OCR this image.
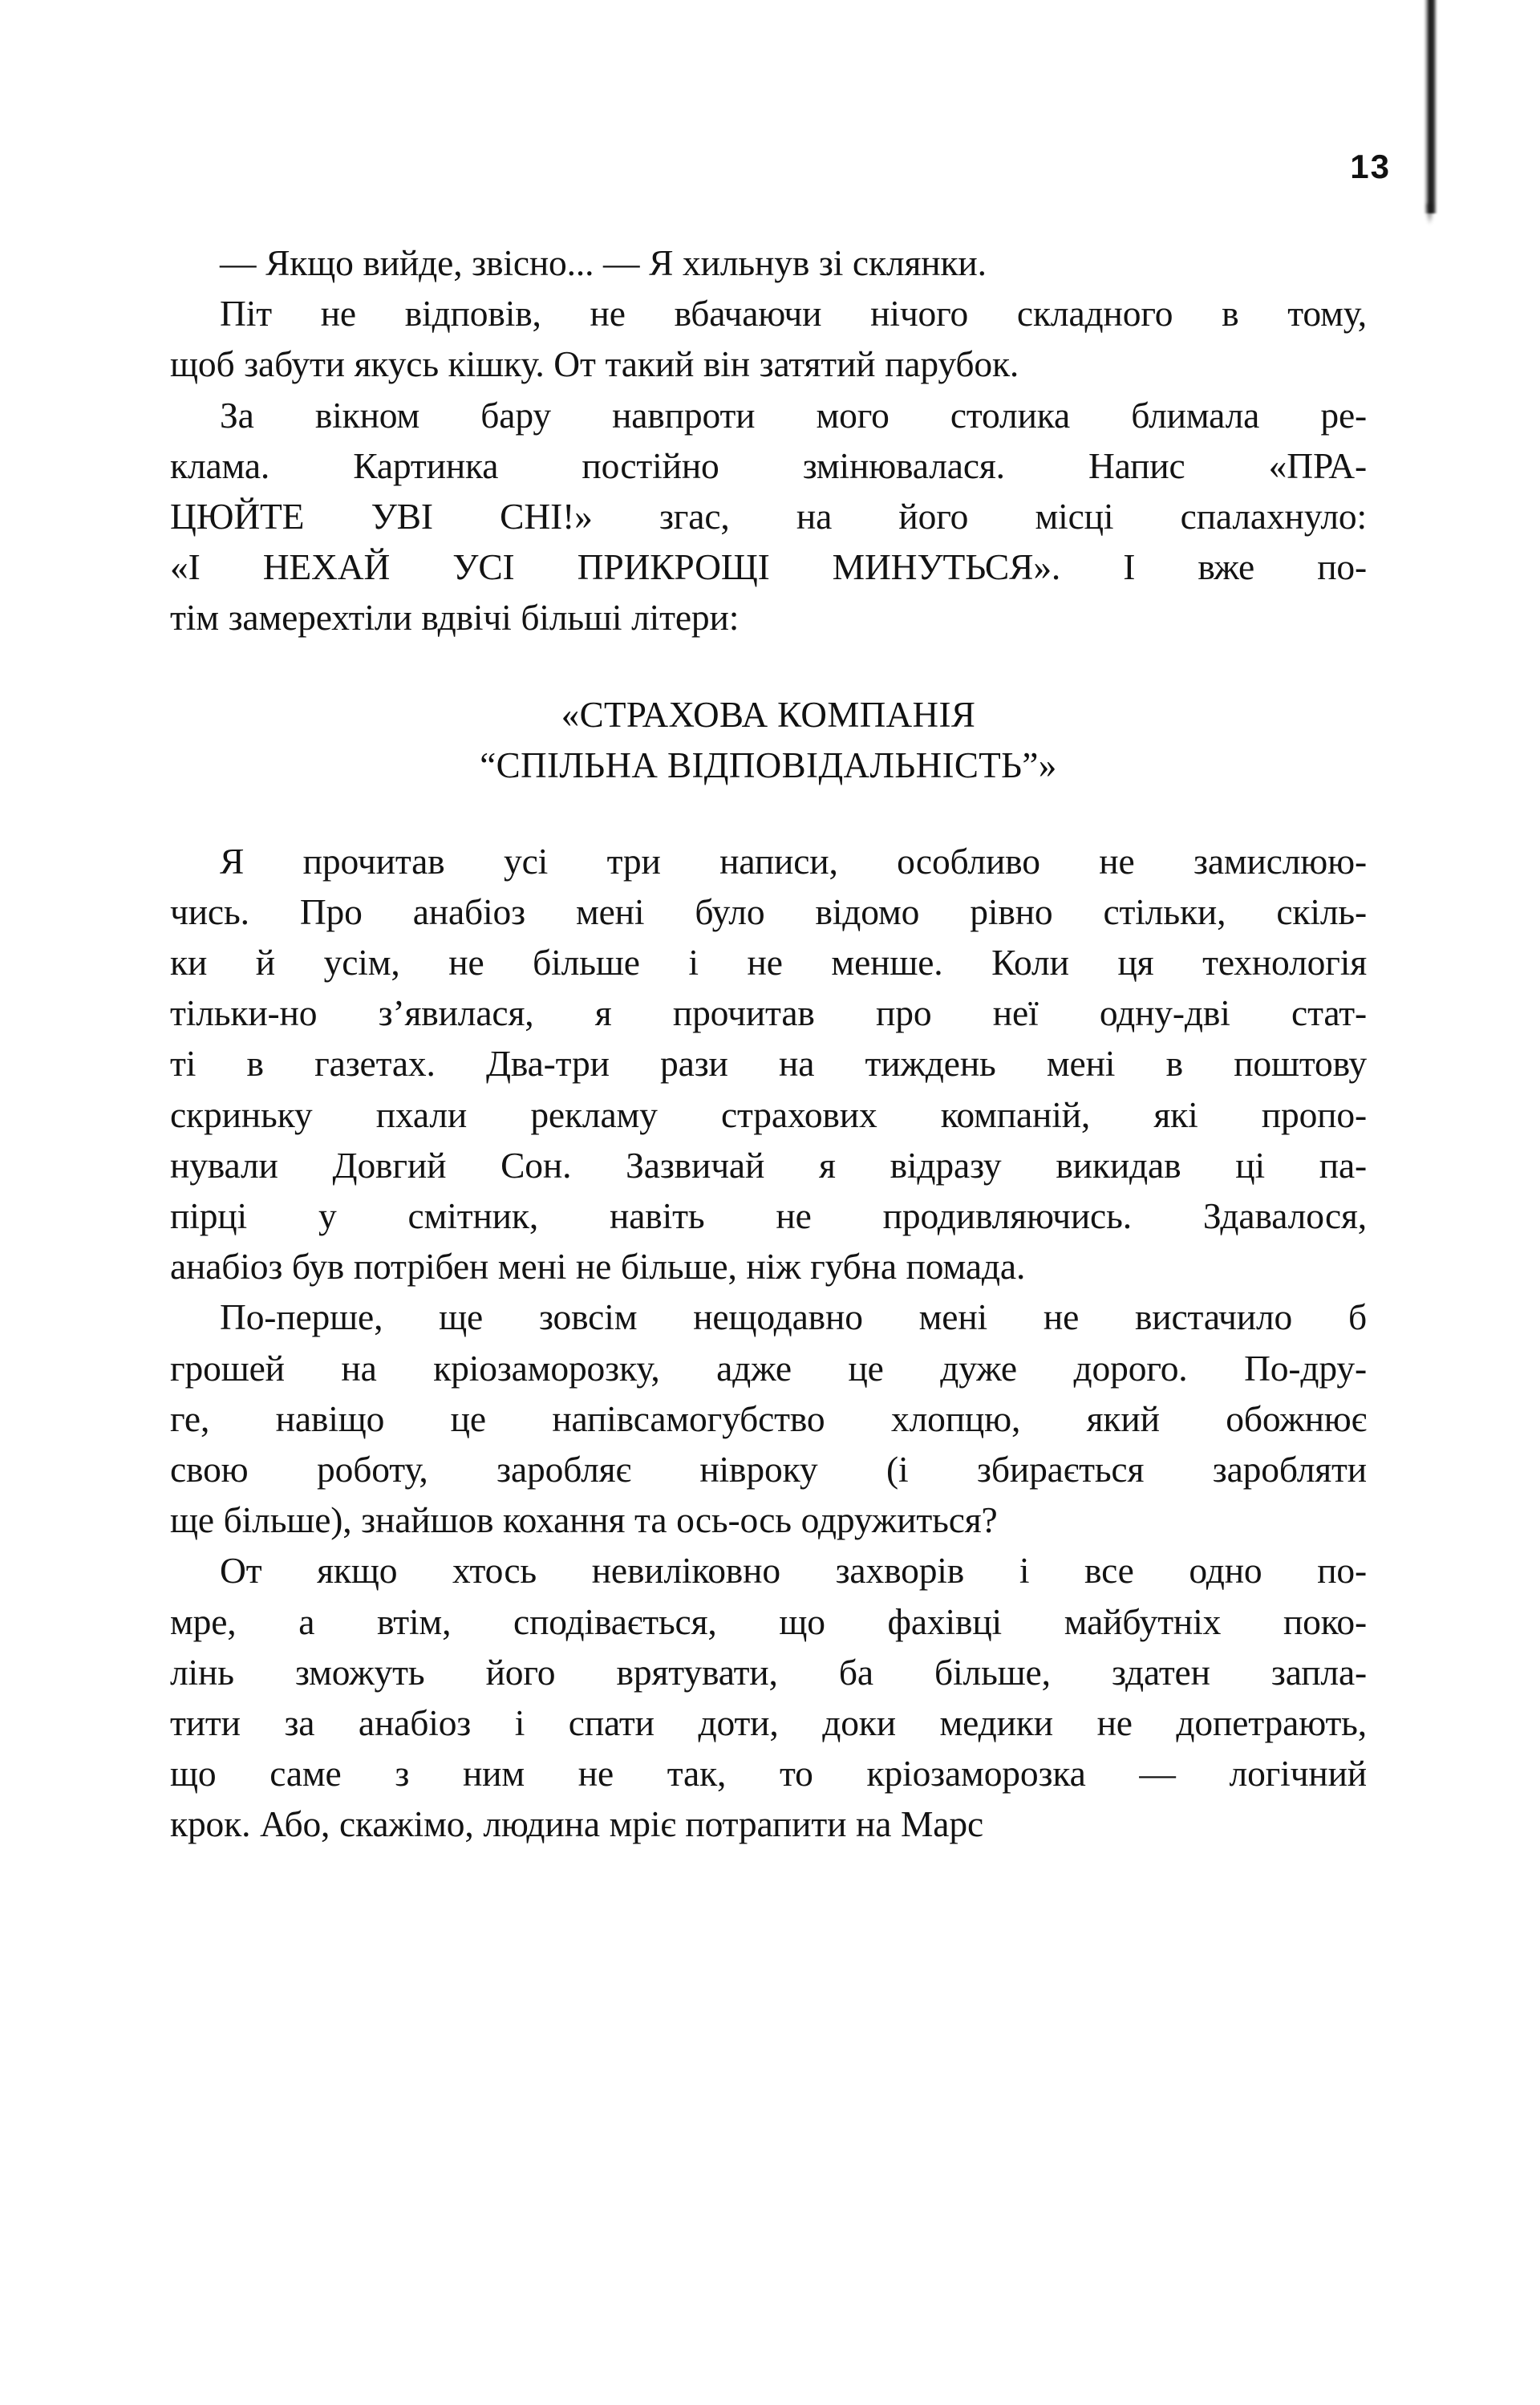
13

— Якщо вийде, звісно... — Я хильнув зі склянки.

Піт не відповів, не вбачаючи нічого складного в тому,
щоб забути якусь кішку. От такий він затятий парубок.

За вікном бару навпроти мого столика блимала ре-
клама. Картинка постійно змінювалася. Напис «ПРА-
ЦЮЙТЕ УВІ СНІ!» згас, на його місці спалахнуло:
«І НЕХАЙ УСІ ПРИКРОЩІ МИНУТЬСЯ». І вже по-
тім замерехтіли вдвічі більші літери:

«СТРАХОВА КОМПАНІЯ
“СПІЛЬНА ВІДПОВІДАЛЬНІСТЬ”»

Я прочитав усі три написи, особливо не замислюю-
чись. Про анабіоз мені було відомо рівно стільки, скіль-
ки й усім, не більше і не менше. Коли ця технологія
тільки-но з’явилася, я прочитав про неї одну-дві стат-
ті в газетах. Два-три рази на тиждень мені в поштову
скриньку пхали рекламу страхових компаній, які пропо-
нували Довгий Сон. Зазвичай я відразу викидав ці па-
пірці у смітник, навіть не продивляючись. Здавалося,
анабіоз був потрібен мені не більше, ніж губна помада.

По-перше, ще зовсім нещодавно мені не вистачило б
грошей на кріозаморозку, адже це дуже дорого. По-дру-
ге, навіщо це напівсамогубство хлопцю, який обожнює
свою роботу, заробляє нівроку (і збирається заробляти
ще більше), знайшов кохання та ось-ось одружиться?

От якщо хтось невиліковно захворів і все одно по-
мре, а втім, сподівається, що фахівці майбутніх поко-
лінь зможуть його врятувати, ба більше, здатен запла-
тити за анабіоз і спати доти, доки медики не допетрають,
що саме з ним не так, то кріозаморозка — логічний
крок. Або, скажімо, людина мріє потрапити на Марс
